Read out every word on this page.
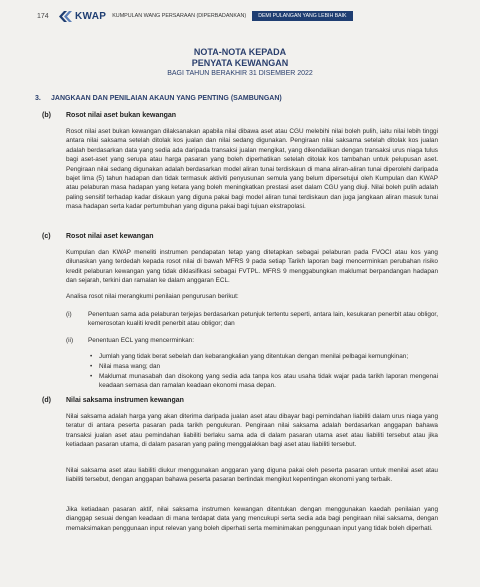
174	KWAP KUMPULAN WANG PERSARAAN (DIPERBADANKAN)	DEMI PULANGAN YANG LEBIH BAIK
NOTA-NOTA KEPADA
PENYATA KEWANGAN
BAGI TAHUN BERAKHIR 31 DISEMBER 2022
3. JANGKAAN DAN PENILAIAN AKAUN YANG PENTING (SAMBUNGAN)
(b) Rosot nilai aset bukan kewangan

Rosot nilai aset bukan kewangan dilaksanakan apabila nilai dibawa aset atau CGU melebihi nilai boleh pulih, iaitu nilai lebih tinggi antara nilai saksama setelah ditolak kos jualan dan nilai sedang digunakan. Pengiraan nilai saksama setelah ditolak kos jualan adalah berdasarkan data yang sedia ada daripada transaksi jualan mengikat, yang dikendalikan dengan transaksi urus niaga tulus bagi aset-aset yang serupa atau harga pasaran yang boleh diperhatikan setelah ditolak kos tambahan untuk pelupusan aset. Pengiraan nilai sedang digunakan adalah berdasarkan model aliran tunai terdiskaun di mana aliran-aliran tunai diperolehi daripada bajet lima (5) tahun hadapan dan tidak termasuk aktiviti penyusunan semula yang belum dipersetujui oleh Kumpulan dan KWAP atau pelaburan masa hadapan yang ketara yang boleh meningkatkan prestasi aset dalam CGU yang diuji. Nilai boleh pulih adalah paling sensitif terhadap kadar diskaun yang diguna pakai bagi model aliran tunai terdiskaun dan juga jangkaan aliran masuk tunai masa hadapan serta kadar pertumbuhan yang diguna pakai bagi tujuan ekstrapolasi.

(c) Rosot nilai aset kewangan

Kumpulan dan KWAP meneliti instrumen pendapatan tetap yang ditetapkan sebagai pelaburan pada FVOCI atau kos yang dilunaskan yang terdedah kepada rosot nilai di bawah MFRS 9 pada setiap Tarikh laporan bagi mencerminkan perubahan risiko kredit pelaburan kewangan yang tidak diklasifikasi sebagai FVTPL. MFRS 9 menggabungkan maklumat berpandangan hadapan dan sejarah, terkini dan ramalan ke dalam anggaran ECL.

Analisa rosot nilai merangkumi penilaian pengurusan berikut:

(i)	Penentuan sama ada pelaburan terjejas berdasarkan petunjuk tertentu seperti, antara lain, kesukaran penerbit atau obligor, kemerosotan kualiti kredit penerbit atau obligor; dan
(ii)	Penentuan ECL yang mencerminkan:
•	Jumlah yang tidak berat sebelah dan kebarangkalian yang ditentukan dengan menilai pelbagai kemungkinan;
•	Nilai masa wang; dan
•	Maklumat munasabah dan disokong yang sedia ada tanpa kos atau usaha tidak wajar pada tarikh laporan mengenai keadaan semasa dan ramalan keadaan ekonomi masa depan.
(d) Nilai saksama instrumen kewangan

Nilai saksama adalah harga yang akan diterima daripada jualan aset atau dibayar bagi pemindahan liabiliti dalam urus niaga yang teratur di antara peserta pasaran pada tarikh pengukuran. Pengiraan nilai saksama adalah berdasarkan anggapan bahawa transaksi jualan aset atau pemindahan liabiliti berlaku sama ada di dalam pasaran utama aset atau liabiliti tersebut atau jika ketiadaan pasaran utama, di dalam pasaran yang paling menggalakkan bagi aset atau liabiliti tersebut.

Nilai saksama aset atau liabiliti diukur menggunakan anggaran yang diguna pakai oleh peserta pasaran untuk menilai aset atau liabiliti tersebut, dengan anggapan bahawa peserta pasaran bertindak mengikut kepentingan ekonomi yang terbaik.

Jika ketiadaan pasaran aktif, nilai saksama instrumen kewangan ditentukan dengan menggunakan kaedah penilaian yang dianggap sesuai dengan keadaan di mana terdapat data yang mencukupi serta sedia ada bagi pengiraan nilai saksama, dengan memaksimakan penggunaan input relevan yang boleh diperhati serta meminimakan penggunaan input yang tidak boleh diperhati.
